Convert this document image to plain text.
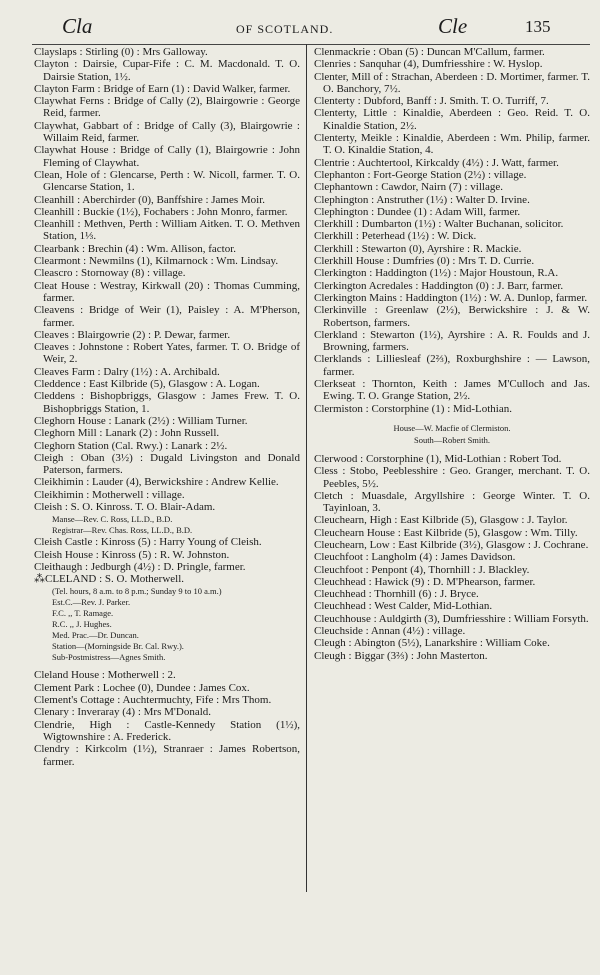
Cla	OF SCOTLAND.	Cle	135

Clayslaps : Stirling (0) : Mrs Galloway.

Clayton : Dairsie, Cupar-Fife : C. M. Macdonald. T. O. Dairsie Station, 1½.

Clayton Farm : Bridge of Earn (1) : David Walker, farmer.

Claywhat Ferns : Bridge of Cally (2), Blairgowrie : George Reid, farmer.

Claywhat, Gabbart of : Bridge of Cally (3), Blairgowrie : Willaim Reid, farmer.

Claywhat House : Bridge of Cally (1), Blairgowrie : John Fleming of Claywhat.

Clean, Hole of : Glencarse, Perth : W. Nicoll, farmer. T. O. Glencarse Station, 1.

Cleanhill : Aberchirder (0), Banffshire : James Moir.

Cleanhill : Buckie (1½), Fochabers : John Monro, farmer.

Cleanhill : Methven, Perth : William Aitken. T. O. Methven Station, 1⅓.

Clearbank : Brechin (4) : Wm. Allison, factor.

Clearmont : Newmilns (1), Kilmarnock : Wm. Lindsay.

Cleascro : Stornoway (8) : village.

Cleat House : Westray, Kirkwall (20) : Thomas Cumming, farmer.

Cleavens : Bridge of Weir (1), Paisley : A. M'Pherson, farmer.

Cleaves : Blairgowrie (2) : P. Dewar, farmer.

Cleaves : Johnstone : Robert Yates, farmer. T. O. Bridge of Weir, 2.

Cleaves Farm : Dalry (1½) : A. Archibald.

Cleddence : East Kilbride (5), Glasgow : A. Logan.

Cleddens : Bishopbriggs, Glasgow : James Frew. T. O. Bishopbriggs Station, 1.

Cleghorn House : Lanark (2½) : William Turner.

Cleghorn Mill : Lanark (2) : John Russell.

Cleghorn Station (Cal. Rwy.) : Lanark : 2½.

Cleigh : Oban (3½) : Dugald Livingston and Donald Paterson, farmers.

Cleikhimin : Lauder (4), Berwickshire : Andrew Kellie.

Cleikhimin : Motherwell : village.

Cleish : S. O. Kinross. T. O. Blair-Adam.

Manse—Rev. C. Ross, LL.D., B.D.

Registrar—Rev. Chas. Ross, LL.D., B.D.

Cleish Castle : Kinross (5) : Harry Young of Cleish.

Cleish House : Kinross (5) : R. W. Johnston.

Cleithaugh : Jedburgh (4½) : D. Pringle, farmer.

⁂CLELAND : S. O. Motherwell.

(Tel. hours, 8 a.m. to 8 p.m.; Sunday 9 to 10 a.m.)

Est.C.—Rev. J. Parker.

F.C. ,, T. Ramage.

R.C. ,, J. Hughes.

Med. Prac.—Dr. Duncan.

Station—(Morningside Br. Cal. Rwy.).

Sub-Postmistress—Agnes Smith.

Cleland House : Motherwell : 2.

Clement Park : Lochee (0), Dundee : James Cox.

Clement's Cottage : Auchtermuchty, Fife : Mrs Thom.

Clenary : Inveraray (4) : Mrs M'Donald.

Clendrie, High : Castle-Kennedy Station (1½), Wigtownshire : A. Frederick.

Clendry : Kirkcolm (1½), Stranraer : James Robertson, farmer.

Clenmackrie : Oban (5) : Duncan M'Callum, farmer.

Clenries : Sanquhar (4), Dumfriesshire : W. Hyslop.

Clenter, Mill of : Strachan, Aberdeen : D. Mortimer, farmer. T. O. Banchory, 7½.

Clenterty : Dubford, Banff : J. Smith. T. O. Turriff, 7.

Clenterty, Little : Kinaldie, Aberdeen : Geo. Reid. T. O. Kinaldie Station, 2½.

Clenterty, Meikle : Kinaldie, Aberdeen : Wm. Philip, farmer. T. O. Kinaldie Station, 4.

Clentrie : Auchtertool, Kirkcaldy (4½) : J. Watt, farmer.

Clephanton : Fort-George Station (2½) : village.

Clephantown : Cawdor, Nairn (7) : village.

Clephington : Anstruther (1½) : Walter D. Irvine.

Clephington : Dundee (1) : Adam Will, farmer.

Clerkhill : Dumbarton (1½) : Walter Buchanan, solicitor.

Clerkhill : Peterhead (1½) : W. Dick.

Clerkhill : Stewarton (0), Ayrshire : R. Mackie.

Clerkhill House : Dumfries (0) : Mrs T. D. Currie.

Clerkington : Haddington (1½) : Major Houstoun, R.A.

Clerkington Acredales : Haddington (0) : J. Barr, farmer.

Clerkington Mains : Haddington (1½) : W. A. Dunlop, farmer.

Clerkinville : Greenlaw (2½), Berwickshire : J. & W. Robertson, farmers.

Clerkland : Stewarton (1½), Ayrshire : A. R. Foulds and J. Browning, farmers.

Clerklands : Lilliesleaf (2⅔), Roxburghshire : — Lawson, farmer.

Clerkseat : Thornton, Keith : James M'Culloch and Jas. Ewing. T. O. Grange Station, 2½.

Clermiston : Corstorphine (1) : Mid-Lothian.

House—W. Macfie of Clermiston.

South—Robert Smith.

Clerwood : Corstorphine (1), Mid-Lothian : Robert Tod.

Cless : Stobo, Peeblesshire : Geo. Granger, merchant. T. O. Peebles, 5½.

Cletch : Muasdale, Argyllshire : George Winter. T. O. Tayinloan, 3.

Cleuchearn, High : East Kilbride (5), Glasgow : J. Taylor.

Cleuchearn House : East Kilbride (5), Glasgow : Wm. Tilly.

Cleuchearn, Low : East Kilbride (3½), Glasgow : J. Cochrane.

Cleuchfoot : Langholm (4) : James Davidson.

Cleuchfoot : Penpont (4), Thornhill : J. Blackley.

Cleuchhead : Hawick (9) : D. M'Phearson, farmer.

Cleuchhead : Thornhill (6) : J. Bryce.

Cleuchhead : West Calder, Mid-Lothian.

Cleuchhouse : Auldgirth (3), Dumfriesshire : William Forsyth.

Cleuchside : Annan (4½) : village.

Cleugh : Abington (5½), Lanarkshire : William Coke.

Cleugh : Biggar (3⅔) : John Masterton.
